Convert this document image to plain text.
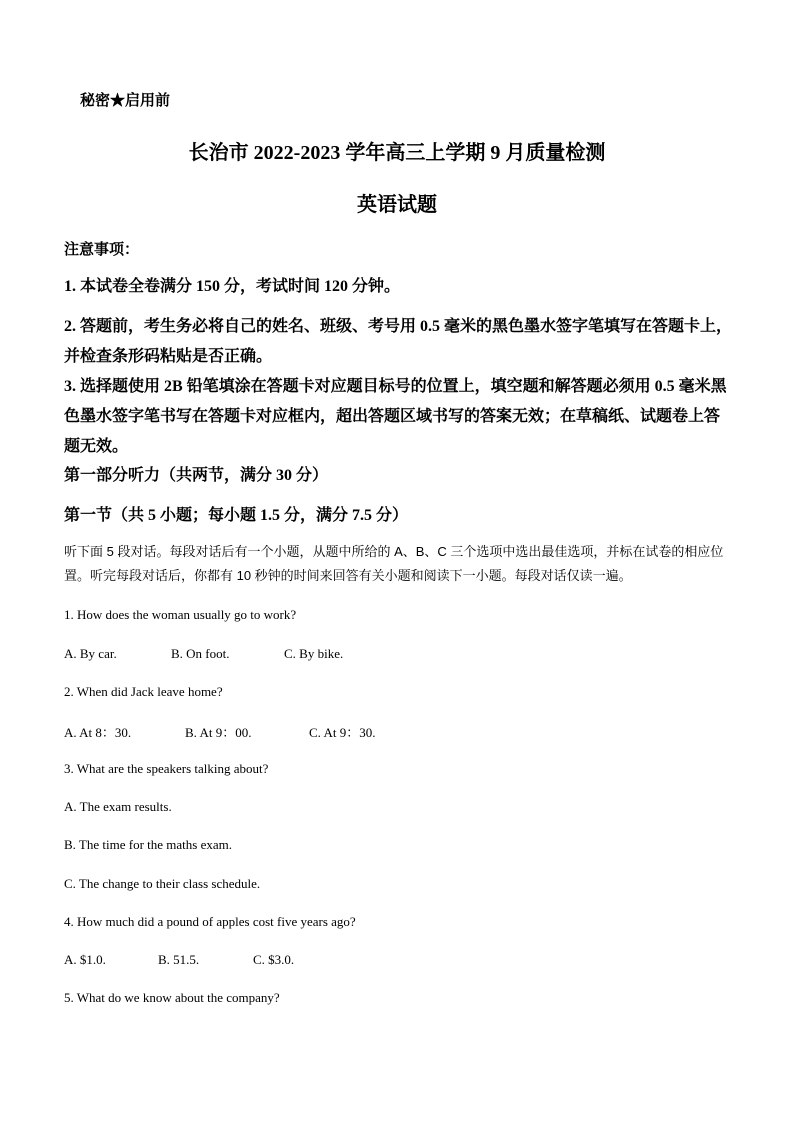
秘密★启用前
长治市 2022-2023 学年高三上学期 9 月质量检测
英语试题
注意事项：
1. 本试卷全卷满分 150 分，考试时间 120 分钟。
2. 答题前，考生务必将自己的姓名、班级、考号用 0.5 毫米的黑色墨水签字笔填写在答题卡上，并检查条形码粘贴是否正确。
3. 选择题使用 2B 铅笔填涂在答题卡对应题目标号的位置上，填空题和解答题必须用 0.5 毫米黑色墨水签字笔书写在答题卡对应框内，超出答题区域书写的答案无效；在草稿纸、试题卷上答题无效。
第一部分听力（共两节，满分 30 分）
第一节（共 5 小题；每小题 1.5 分，满分 7.5 分）
听下面 5 段对话。每段对话后有一个小题，从题中所给的 A、B、C 三个选项中选出最佳选项，并标在试卷的相应位置。听完每段对话后，你都有 10 秒钟的时间来回答有关小题和阅读下一小题。每段对话仅读一遍。
1. How does the woman usually go to work?
A. By car.	B. On foot.	C. By bike.
2. When did Jack leave home?
A. At 8：30.	B. At 9：00.	C. At 9：30.
3. What are the speakers talking about?
A. The exam results.
B. The time for the maths exam.
C. The change to their class schedule.
4. How much did a pound of apples cost five years ago?
A. $1.0.	B. 51.5.	C. $3.0.
5. What do we know about the company?
